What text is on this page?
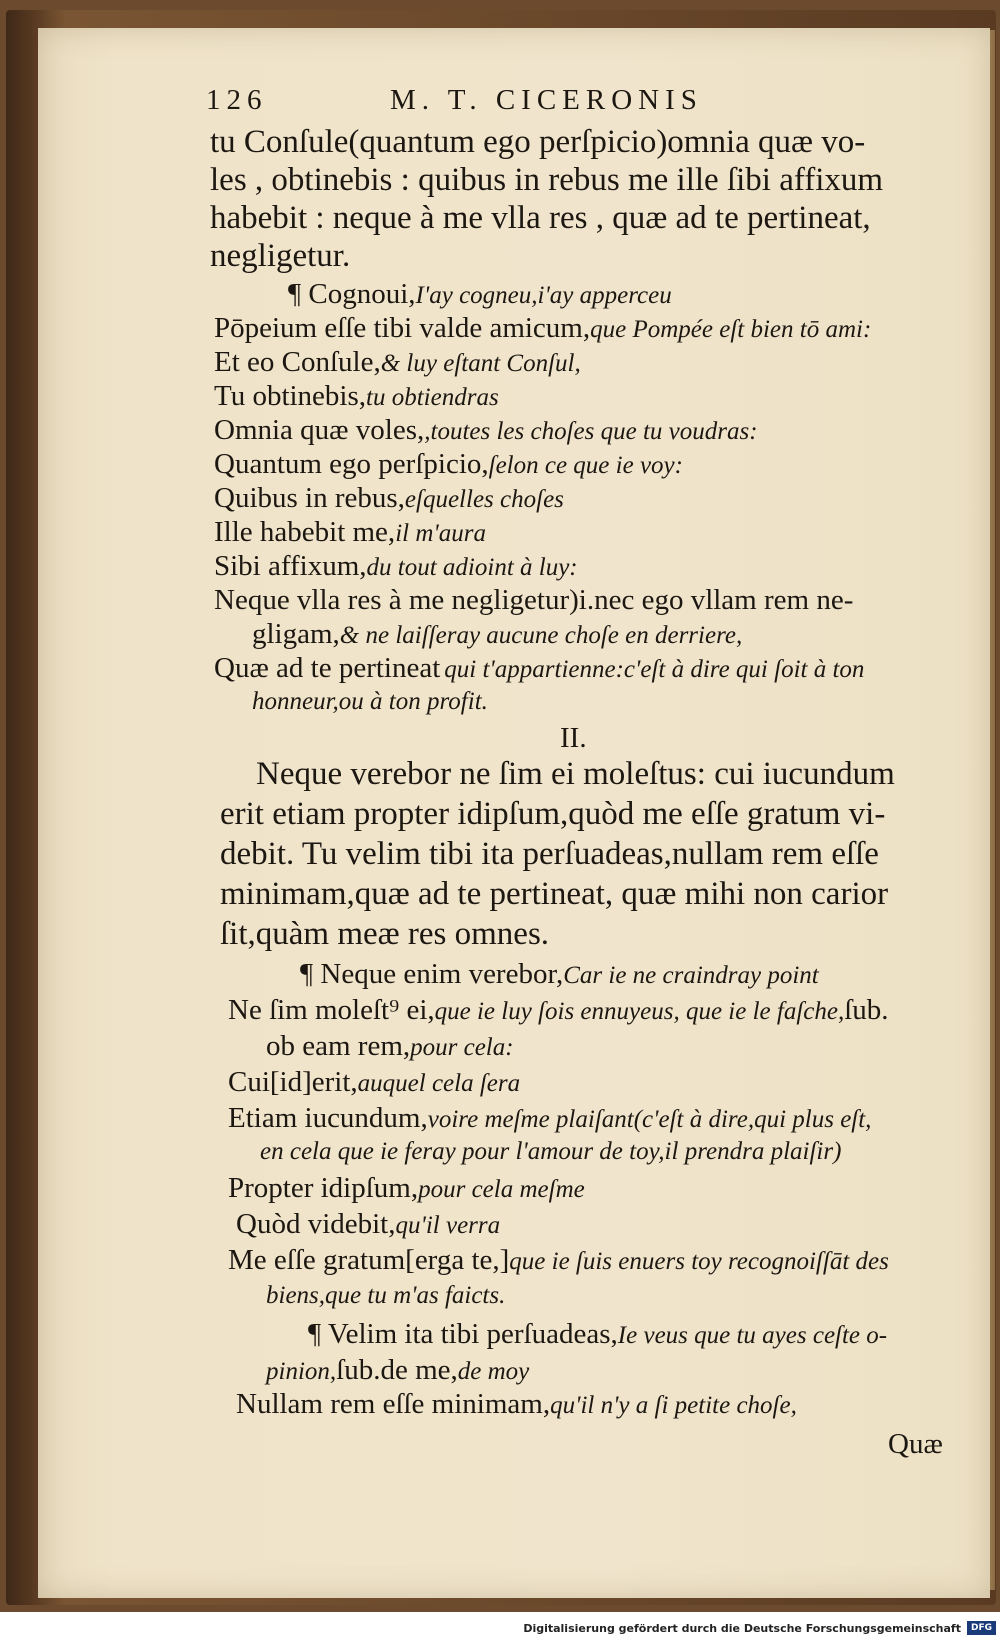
126	M. T. CICERONIS
tu Conſule(quantum ego perſpicio)omnia quæ vo-
les , obtinebis : quibus in rebus me ille ſibi affixum
habebit : neque à me vlla res , quæ ad te pertineat,
negligetur.
¶ Cognoui,I'ay cogneu,i'ay apperceu
Pōpeium eſſe tibi valde amicum,que Pompée eſt bien tō ami:
Et eo Conſule,& luy eſtant Conſul,
Tu obtinebis,tu obtiendras
Omnia quæ voles,,toutes les choſes que tu voudras:
Quantum ego perſpicio,ſelon ce que ie voy:
Quibus in rebus,eſquelles choſes
Ille habebit me,il m'aura
Sibi affixum,du tout adioint à luy:
Neque vlla res à me negligetur)i.nec ego vllam rem ne-
gligam,& ne laiſſeray aucune choſe en derriere,
Quæ ad te pertineat qui t'appartienne:c'eſt à dire qui ſoit à ton
honneur,ou à ton profit.
II.
Neque verebor ne ſim ei moleſtus: cui iucundum
erit etiam propter idipſum,quòd me eſſe gratum vi-
debit. Tu velim tibi ita perſuadeas,nullam rem eſſe
minimam,quæ ad te pertineat, quæ mihi non carior
ſit,quàm meæ res omnes.
¶ Neque enim verebor,Car ie ne craindray point
Ne ſim moleſt⁹ ei,que ie luy ſois ennuyeus, que ie le faſche,ſub.
ob eam rem,pour cela:
Cui[id]erit,auquel cela ſera
Etiam iucundum,voire meſme plaiſant(c'eſt à dire,qui plus eſt,
en cela que ie feray pour l'amour de toy,il prendra plaiſir)
Propter idipſum,pour cela meſme
Quòd videbit,qu'il verra
Me eſſe gratum[erga te,]que ie ſuis enuers toy recognoiſſāt des
biens,que tu m'as faicts.
¶ Velim ita tibi perſuadeas,Ie veus que tu ayes ceſte o-
pinion,ſub.de me,de moy
Nullam rem eſſe minimam,qu'il n'y a ſi petite choſe,
Quæ
Digitalisierung gefördert durch die Deutsche Forschungsgemeinschaft	DFG
